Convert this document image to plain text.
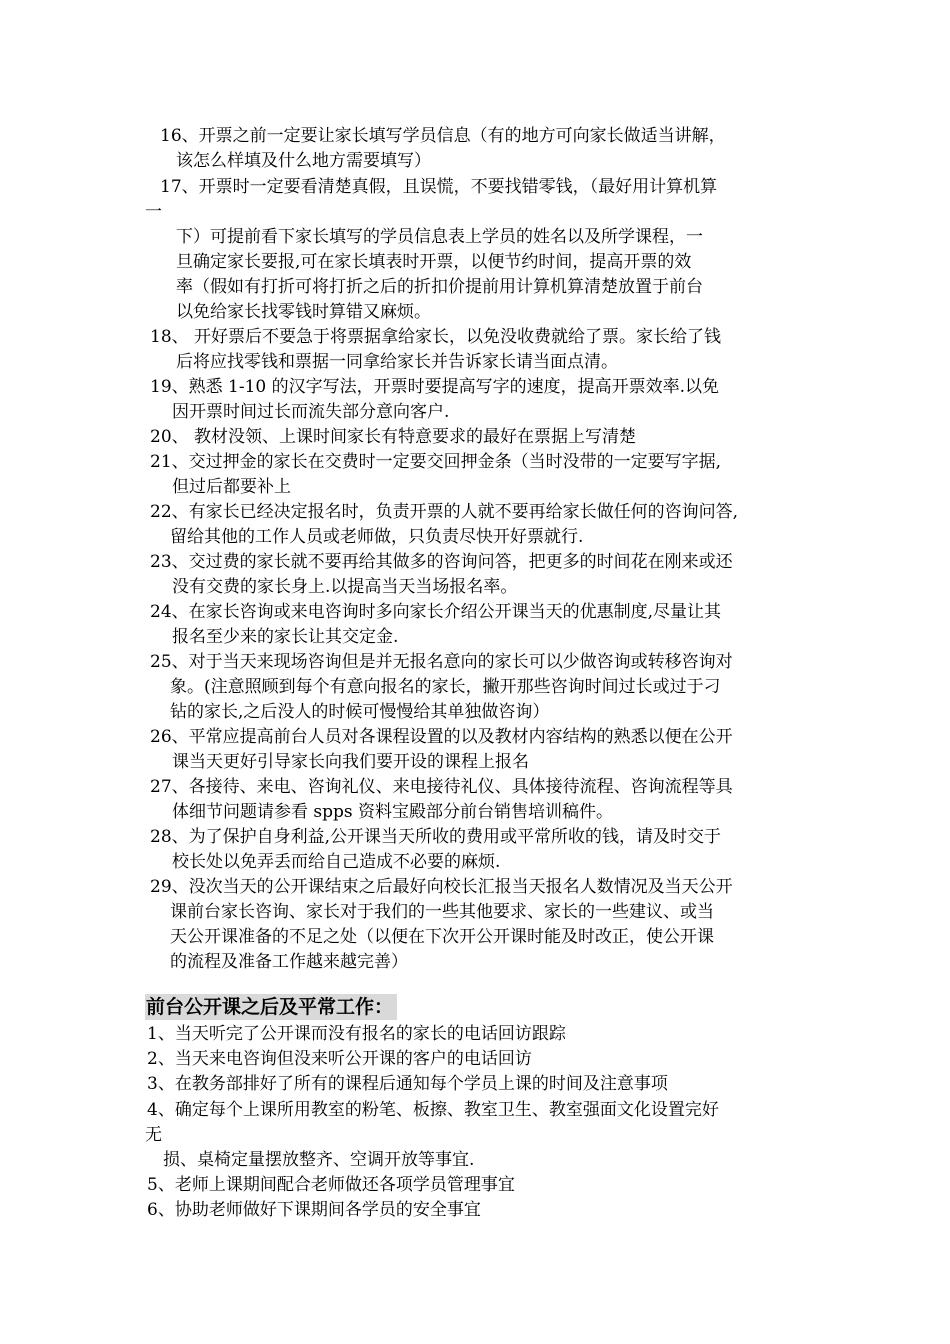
16、开票之前一定要让家长填写学员信息（有的地方可向家长做适当讲解，
该怎么样填及什么地方需要填写）
17、开票时一定要看清楚真假，且误慌，不要找错零钱，（最好用计算机算
一
下）可提前看下家长填写的学员信息表上学员的姓名以及所学课程，一
旦确定家长要报,可在家长填表时开票，以便节约时间，提高开票的效
率（假如有打折可将打折之后的折扣价提前用计算机算清楚放置于前台
以免给家长找零钱时算错又麻烦。
18、 开好票后不要急于将票据拿给家长，以免没收费就给了票。家长给了钱
后将应找零钱和票据一同拿给家长并告诉家长请当面点清。
19、熟悉 1-10 的汉字写法，开票时要提高写字的速度，提高开票效率.以免
因开票时间过长而流失部分意向客户.
20、 教材没领、上课时间家长有特意要求的最好在票据上写清楚
21、交过押金的家长在交费时一定要交回押金条（当时没带的一定要写字据,
但过后都要补上
22、有家长已经决定报名时，负责开票的人就不要再给家长做任何的咨询问答,
留给其他的工作人员或老师做，只负责尽快开好票就行.
23、交过费的家长就不要再给其做多的咨询问答，把更多的时间花在刚来或还
没有交费的家长身上.以提高当天当场报名率。
24、在家长咨询或来电咨询时多向家长介绍公开课当天的优惠制度,尽量让其
报名至少来的家长让其交定金.
25、对于当天来现场咨询但是并无报名意向的家长可以少做咨询或转移咨询对
象。(注意照顾到每个有意向报名的家长，撇开那些咨询时间过长或过于刁
钻的家长,之后没人的时候可慢慢给其单独做咨询）
26、平常应提高前台人员对各课程设置的以及教材内容结构的熟悉以便在公开
课当天更好引导家长向我们要开设的课程上报名
27、各接待、来电、咨询礼仪、来电接待礼仪、具体接待流程、咨询流程等具
体细节问题请参看 spps 资料宝殿部分前台销售培训稿件。
28、为了保护自身利益,公开课当天所收的费用或平常所收的钱，请及时交于
校长处以免弄丢而给自己造成不必要的麻烦.
29、没次当天的公开课结束之后最好向校长汇报当天报名人数情况及当天公开
课前台家长咨询、家长对于我们的一些其他要求、家长的一些建议、或当
天公开课准备的不足之处（以便在下次开公开课时能及时改正，使公开课
的流程及准备工作越来越完善）
前台公开课之后及平常工作：
1、当天听完了公开课而没有报名的家长的电话回访跟踪
2、当天来电咨询但没来听公开课的客户的电话回访
3、在教务部排好了所有的课程后通知每个学员上课的时间及注意事项
4、确定每个上课所用教室的粉笔、板擦、教室卫生、教室强面文化设置完好
无
损、桌椅定量摆放整齐、空调开放等事宜.
5、老师上课期间配合老师做还各项学员管理事宜
6、协助老师做好下课期间各学员的安全事宜
